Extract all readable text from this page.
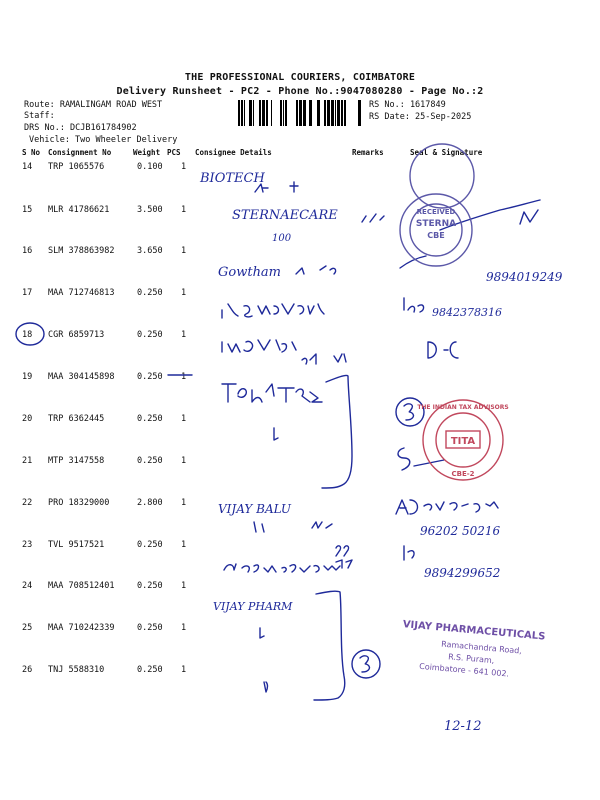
THE PROFESSIONAL COURIERS, COIMBATORE
Delivery Runsheet - PC2 - Phone No.:9047080280 - Page No.:2
Route: RAMALINGAM ROAD WEST
Staff:
DRS No.: DCJB161784902
Vehicle: Two Wheeler Delivery
RS No.: 1617849
RS Date: 25-Sep-2025
S No Consignment No	Weight PCS Consignee Details	Remarks	Seal & Signature
14 TRP 1065576	0.100 1
15 MLR 41786621	3.500 1
16 SLM 378863982	3.650 1
17 MAA 712746813	0.250 1
18 CGR 6859713	0.250 1
19 MAA 304145898	0.250 1
20 TRP 6362445	0.250 1
21 MTP 3147558	0.250 1
22 PRO 18329000	2.800 1
23 TVL 9517521	0.250 1
24 MAA 708512401	0.250 1
25 MAA 710242339	0.250 1
26 TNJ 5588310	0.250 1
BIOTECH
STERNAECARE
100
Gowtham	9894019249
9842378316
VIJAY BALU
96202 50216
9894299652
VIJAY PHARM
12-12
STERNA
CBE
RECEIVED
TITA
CBE-2
THE INDIAN TAX ADVISORS
VIJAY PHARMACEUTICALS
Ramachandra Road,
R.S. Puram,
Coimbatore - 641 002.
